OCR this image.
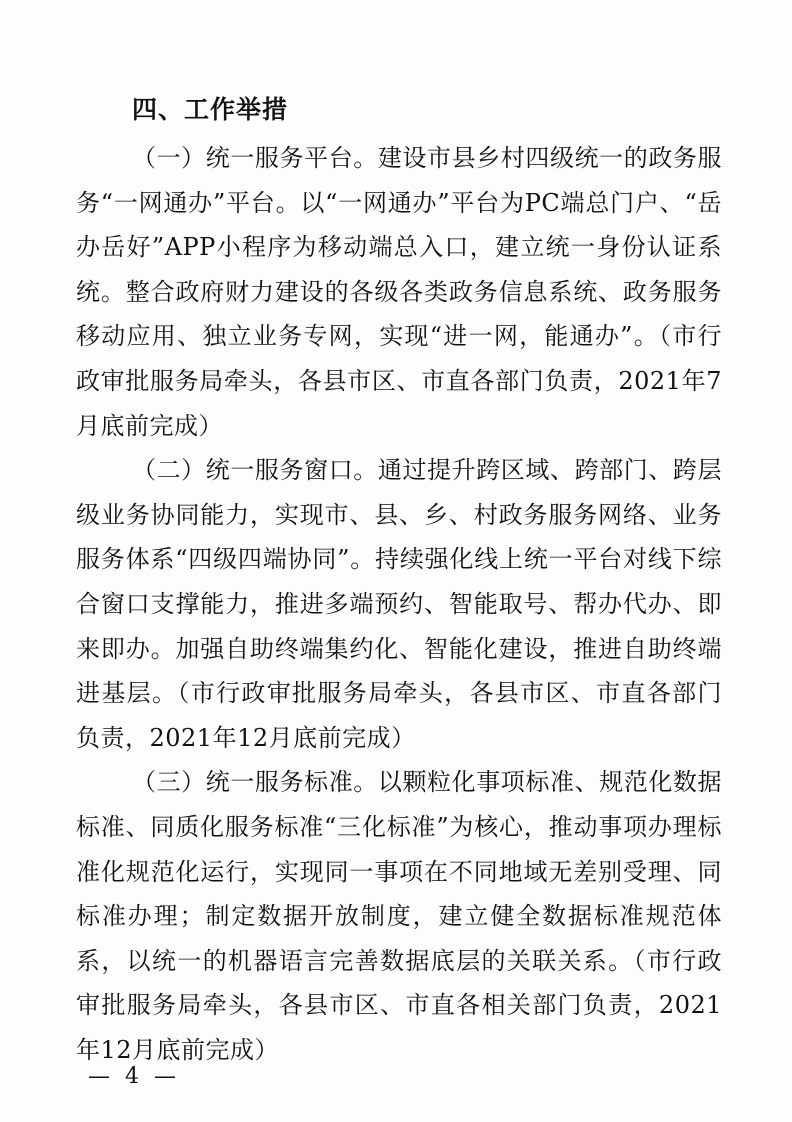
四、工作举措

（一）统一服务平台。建设市县乡村四级统一的政务服务“一网通办”平台。以“一网通办”平台为PC端总门户、“岳办岳好”APP小程序为移动端总入口，建立统一身份认证系统。整合政府财力建设的各级各类政务信息系统、政务服务移动应用、独立业务专网，实现“进一网，能通办”。（市行政审批服务局牵头，各县市区、市直各部门负责，2021年7月底前完成）

（二）统一服务窗口。通过提升跨区域、跨部门、跨层级业务协同能力，实现市、县、乡、村政务服务网络、业务服务体系“四级四端协同”。持续强化线上统一平台对线下综合窗口支撑能力，推进多端预约、智能取号、帮办代办、即来即办。加强自助终端集约化、智能化建设，推进自助终端进基层。（市行政审批服务局牵头，各县市区、市直各部门负责，2021年12月底前完成）

（三）统一服务标准。以颗粒化事项标准、规范化数据标准、同质化服务标准“三化标准”为核心，推动事项办理标准化规范化运行，实现同一事项在不同地域无差别受理、同标准办理；制定数据开放制度，建立健全数据标准规范体系，以统一的机器语言完善数据底层的关联关系。（市行政审批服务局牵头，各县市区、市直各相关部门负责，2021年12月底前完成）

— 4 —
